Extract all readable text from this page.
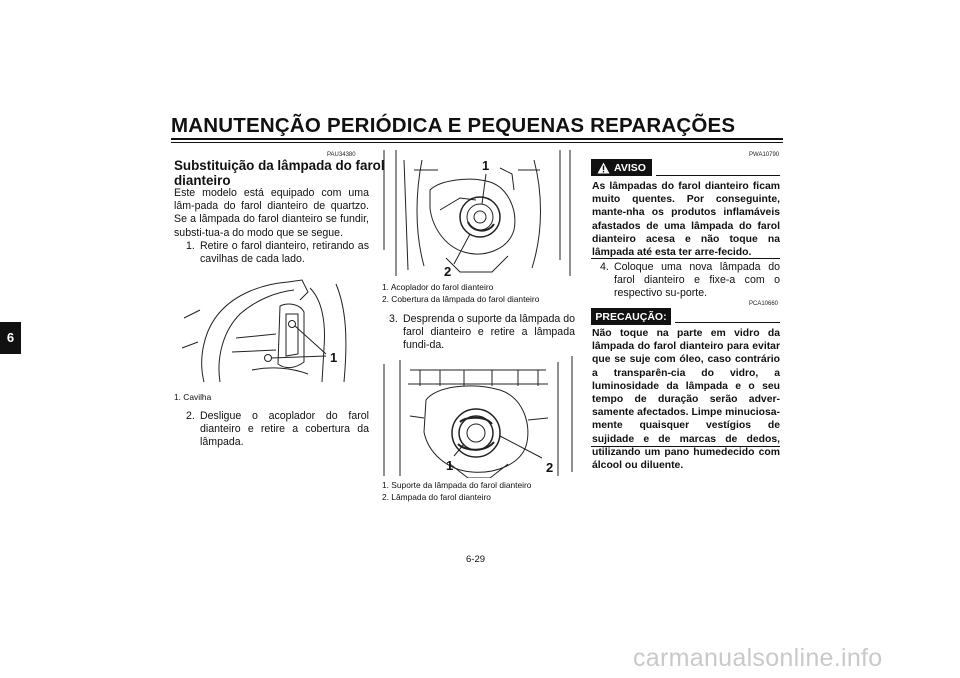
MANUTENÇÃO PERIÓDICA E PEQUENAS REPARAÇÕES
6
PAU34380
Substituição da lâmpada do farol
dianteiro
Este modelo está equipado com uma lâm-pada do farol dianteiro de quartzo. Se a lâmpada do farol dianteiro se fundir, substi-tua-a do modo que se segue.
1. Retire o farol dianteiro, retirando as cavilhas de cada lado.
1
1. Cavilha
2. Desligue o acoplador do farol dianteiro e retire a cobertura da lâmpada.
1
2
1. Acoplador do farol dianteiro
2. Cobertura da lâmpada do farol dianteiro
3. Desprenda o suporte da lâmpada do farol dianteiro e retire a lâmpada fundi-da.
1	2
1. Suporte da lâmpada do farol dianteiro
2. Lâmpada do farol dianteiro
PWA10790
AVISO
As lâmpadas do farol dianteiro ficam muito quentes. Por conseguinte, mante-nha os produtos inflamáveis afastados de uma lâmpada do farol dianteiro acesa e não toque na lâmpada até esta ter arre-fecido.
4. Coloque uma nova lâmpada do farol dianteiro e fixe-a com o respectivo su-porte.
PCA10660
PRECAUÇÃO:
Não toque na parte em vidro da lâmpada do farol dianteiro para evitar que se suje com óleo, caso contrário a transparên-cia do vidro, a luminosidade da lâmpada e o seu tempo de duração serão adver-samente afectados. Limpe minuciosa-mente quaisquer vestígios de sujidade e de marcas de dedos, utilizando um pano humedecido com álcool ou diluente.
6-29
carmanualsonline.info
